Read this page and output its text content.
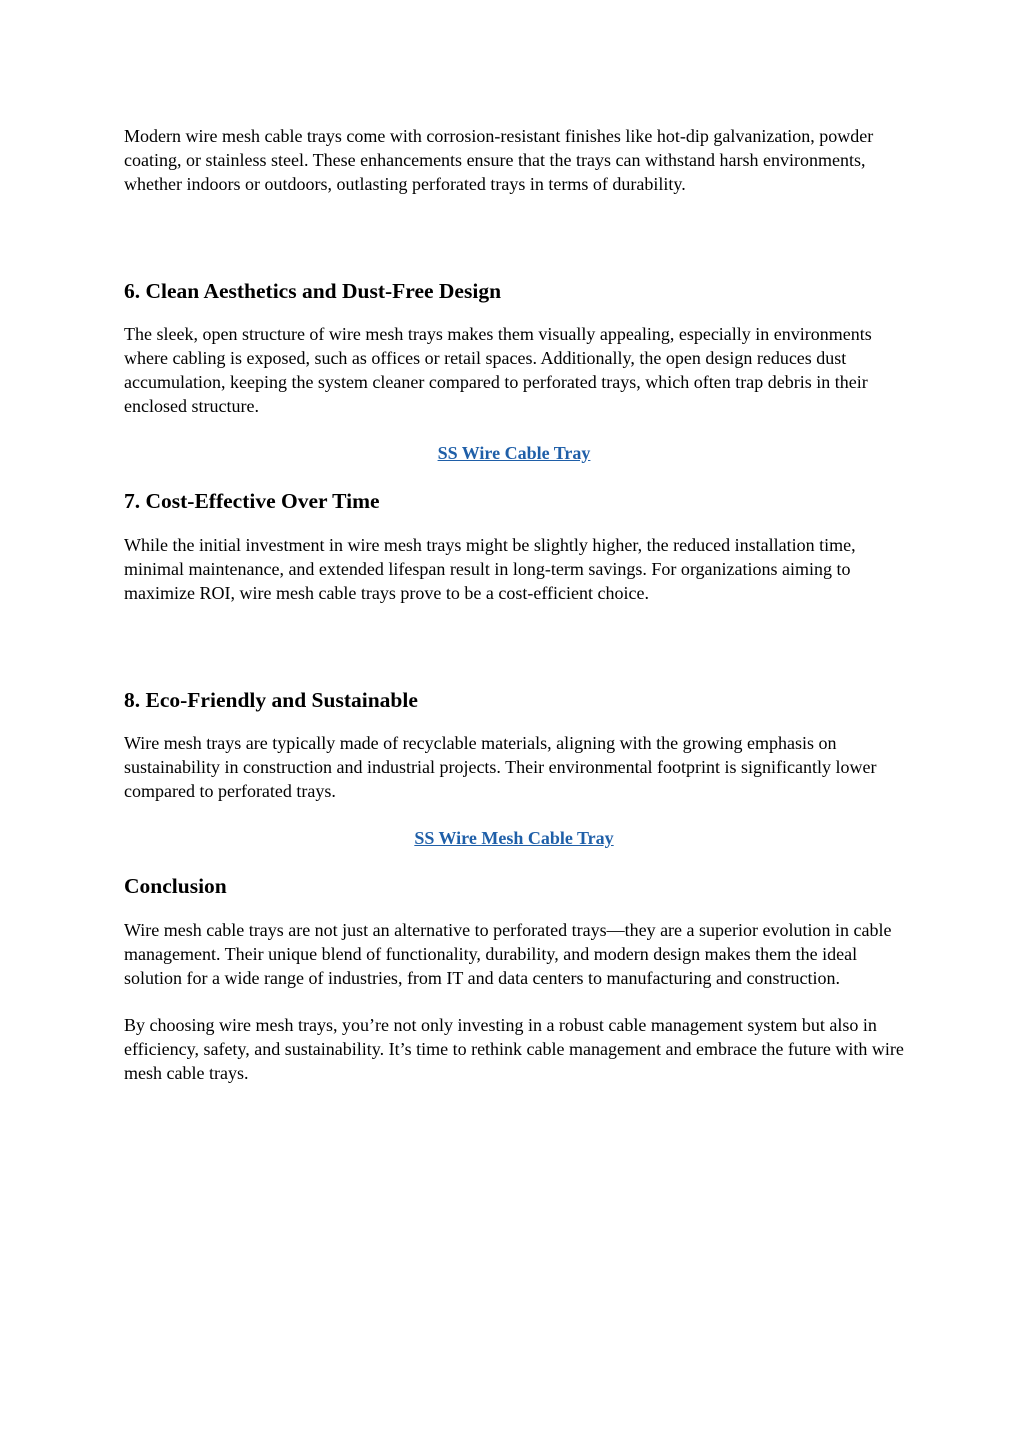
Modern wire mesh cable trays come with corrosion-resistant finishes like hot-dip galvanization, powder coating, or stainless steel. These enhancements ensure that the trays can withstand harsh environments, whether indoors or outdoors, outlasting perforated trays in terms of durability.

6. Clean Aesthetics and Dust-Free Design

The sleek, open structure of wire mesh trays makes them visually appealing, especially in environments where cabling is exposed, such as offices or retail spaces. Additionally, the open design reduces dust accumulation, keeping the system cleaner compared to perforated trays, which often trap debris in their enclosed structure.

SS Wire Cable Tray
7. Cost-Effective Over Time

While the initial investment in wire mesh trays might be slightly higher, the reduced installation time, minimal maintenance, and extended lifespan result in long-term savings. For organizations aiming to maximize ROI, wire mesh cable trays prove to be a cost-efficient choice.

8. Eco-Friendly and Sustainable

Wire mesh trays are typically made of recyclable materials, aligning with the growing emphasis on sustainability in construction and industrial projects. Their environmental footprint is significantly lower compared to perforated trays.

SS Wire Mesh Cable Tray
Conclusion

Wire mesh cable trays are not just an alternative to perforated trays—they are a superior evolution in cable management. Their unique blend of functionality, durability, and modern design makes them the ideal solution for a wide range of industries, from IT and data centers to manufacturing and construction.

By choosing wire mesh trays, you’re not only investing in a robust cable management system but also in efficiency, safety, and sustainability. It’s time to rethink cable management and embrace the future with wire mesh cable trays.
